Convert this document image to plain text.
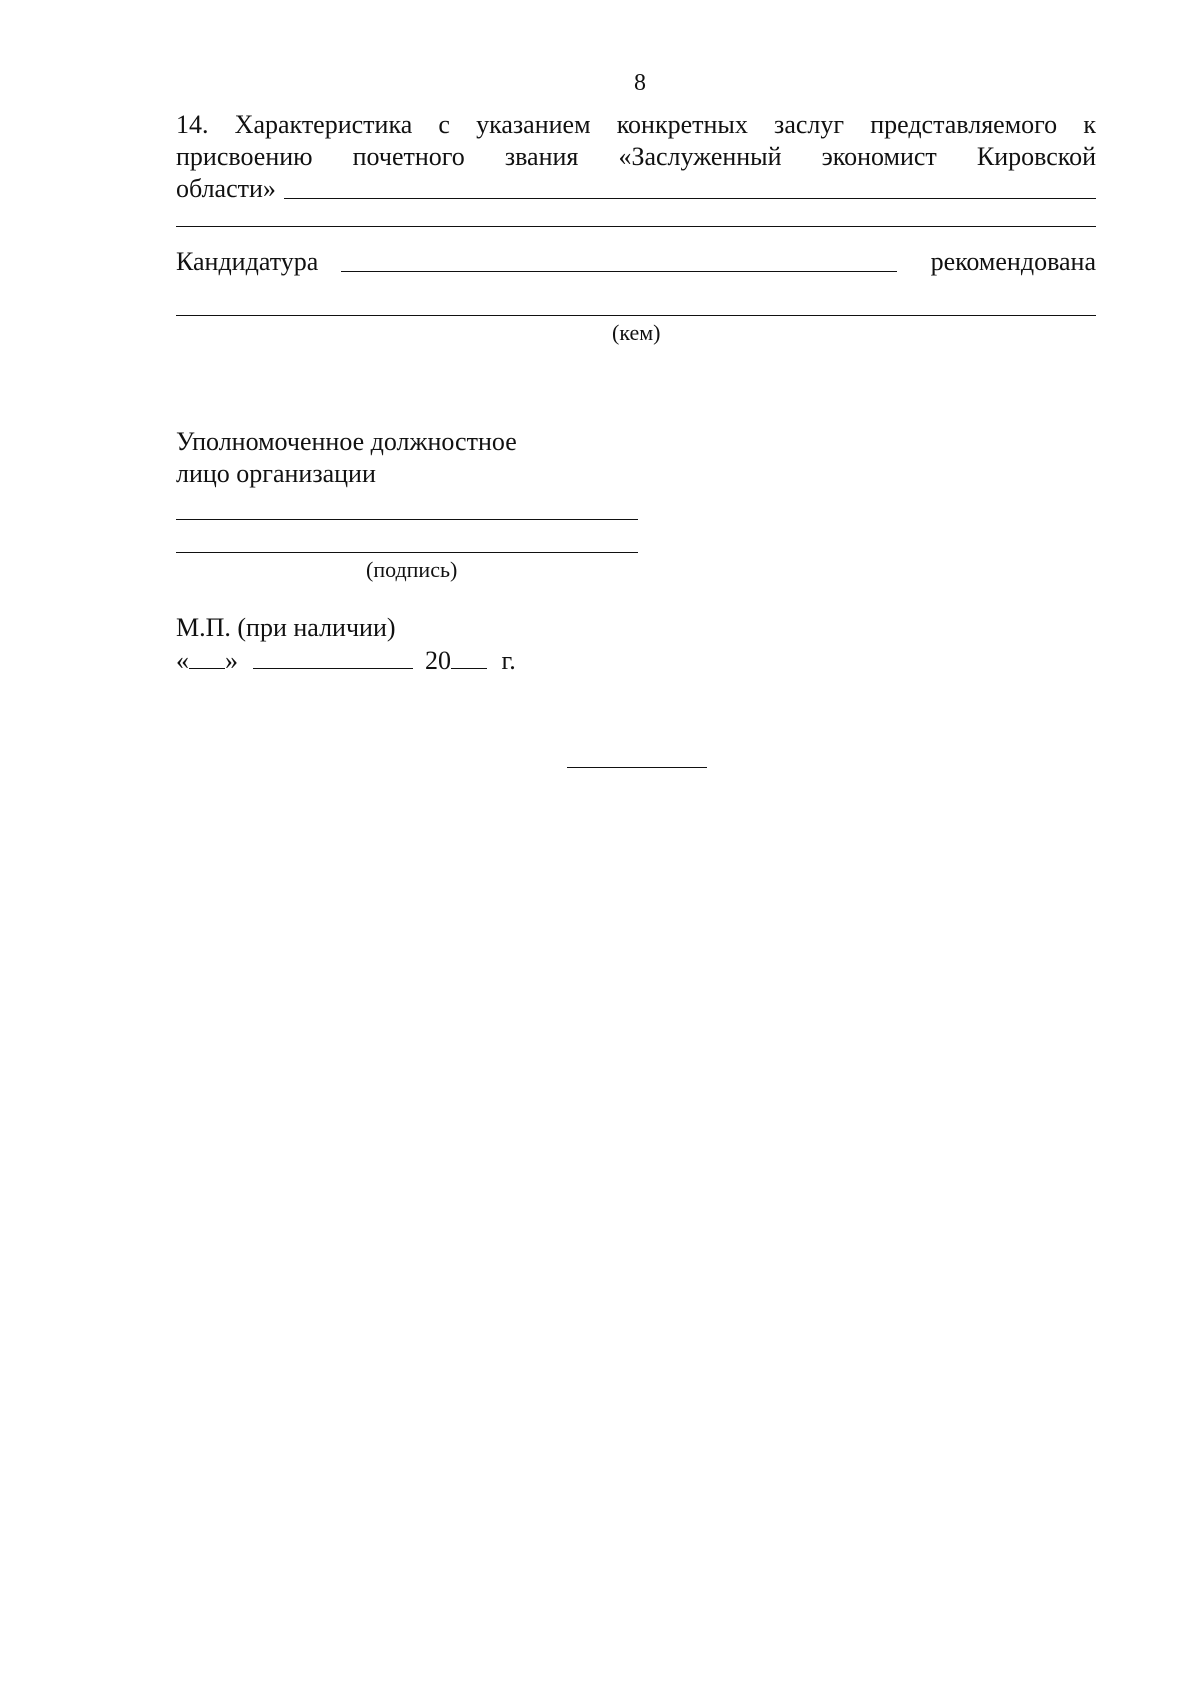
8
14. Характеристика с указанием конкретных заслуг представляемого к
присвоению почетного звания «Заслуженный экономист Кировской
области»
Кандидатура	рекомендована
(кем)
Уполномоченное должностное
лицо организации
(подпись)
М.П. (при наличии)
« »	20 г.
